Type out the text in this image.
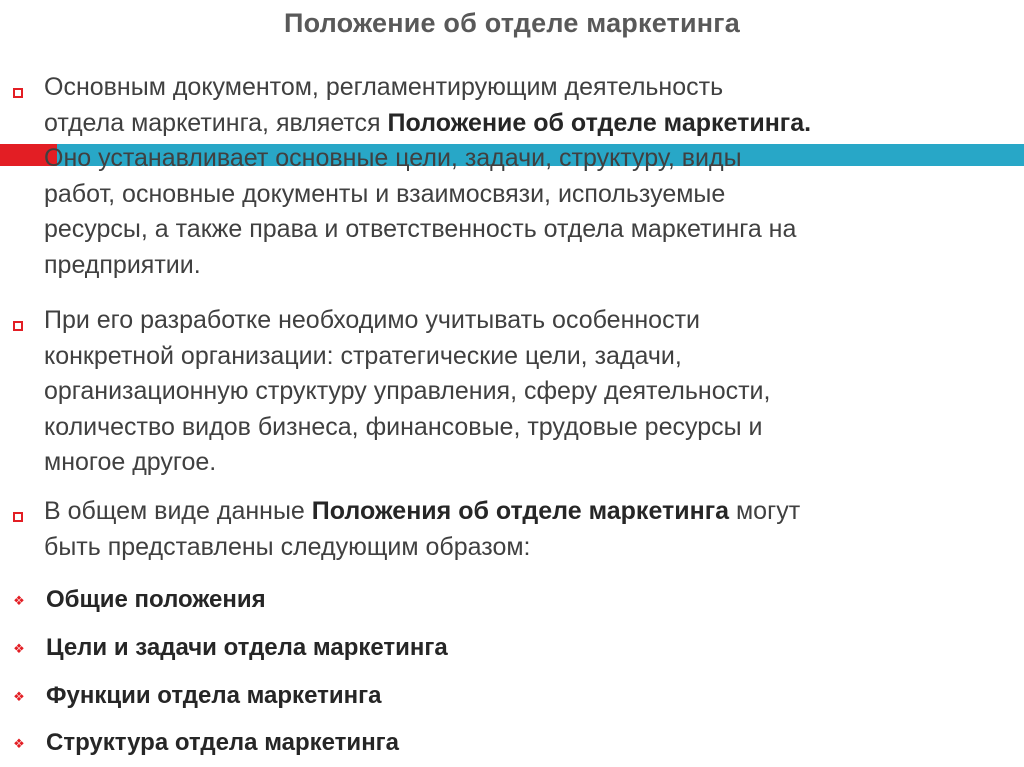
Положение об отделе маркетинга
Основным документом, регламентирующим деятельность
отдела маркетинга, является Положение об отделе маркетинга.
Оно устанавливает основные цели, задачи, структуру, виды
работ, основные документы и взаимосвязи, используемые
ресурсы, а также права и ответственность отдела маркетинга на
предприятии.
При его разработке необходимо учитывать особенности
конкретной организации: стратегические цели, задачи,
организационную структуру управления, сферу деятельности,
количество видов бизнеса, финансовые, трудовые ресурсы и
многое другое.
В общем виде данные Положения об отделе маркетинга могут
быть представлены следующим образом:
❖ Общие положения
❖ Цели и задачи отдела маркетинга
❖ Функции отдела маркетинга
❖ Структура отдела маркетинга
